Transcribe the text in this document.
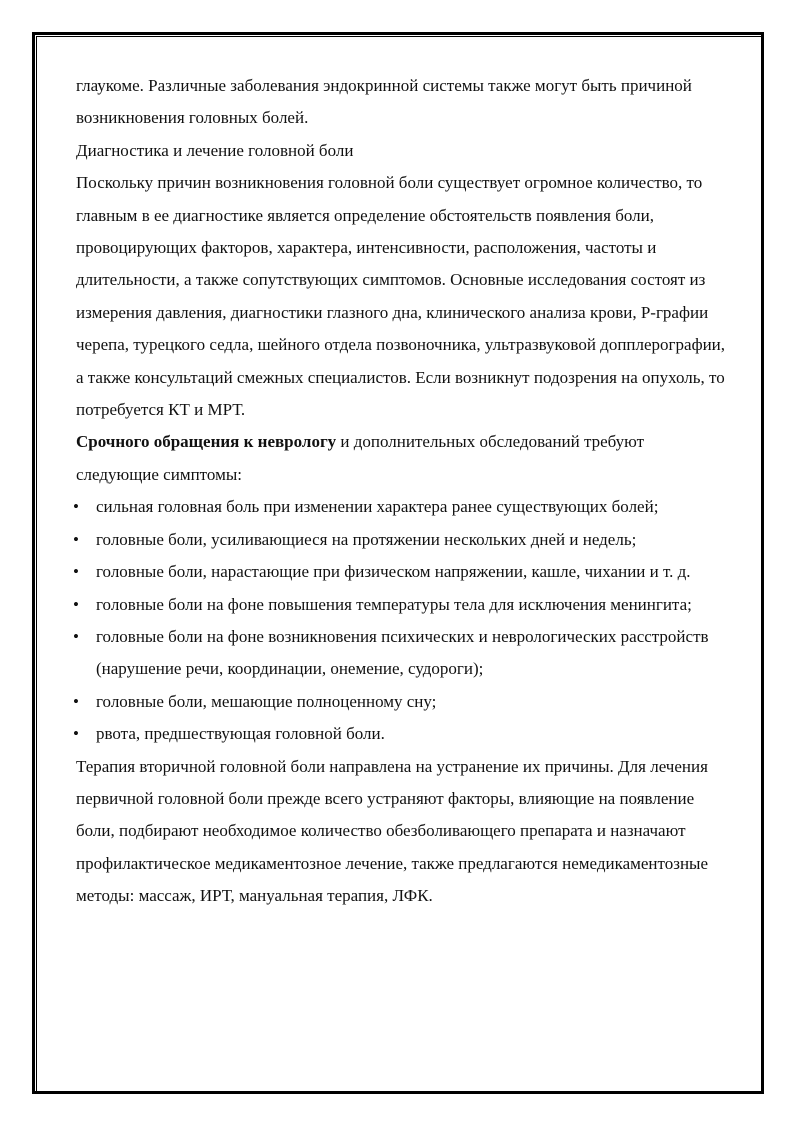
глаукоме. Различные заболевания эндокринной системы также могут быть причиной возникновения головных болей.

Диагностика и лечение головной боли

Поскольку причин возникновения головной боли существует огромное количество, то главным в ее диагностике является определение обстоятельств появления боли, провоцирующих факторов, характера, интенсивности, расположения, частоты и длительности, а также сопутствующих симптомов. Основные исследования состоят из измерения давления, диагностики глазного дна, клинического анализа крови, Р-графии черепа, турецкого седла, шейного отдела позвоночника, ультразвуковой допплерографии, а также консультаций смежных специалистов. Если возникнут подозрения на опухоль, то потребуется КТ и МРТ.

Срочного обращения к неврологу и дополнительных обследований требуют следующие симптомы:

• сильная головная боль при изменении характера ранее существующих болей;
• головные боли, усиливающиеся на протяжении нескольких дней и недель;
• головные боли, нарастающие при физическом напряжении, кашле, чихании и т. д.
• головные боли на фоне повышения температуры тела для исключения менингита;
• головные боли на фоне возникновения психических и неврологических расстройств (нарушение речи, координации, онемение, судороги);
• головные боли, мешающие полноценному сну;
• рвота, предшествующая головной боли.

Терапия вторичной головной боли направлена на устранение их причины. Для лечения первичной головной боли прежде всего устраняют факторы, влияющие на появление боли, подбирают необходимое количество обезболивающего препарата и назначают профилактическое медикаментозное лечение, также предлагаются немедикаментозные методы: массаж, ИРТ, мануальная терапия, ЛФК.
